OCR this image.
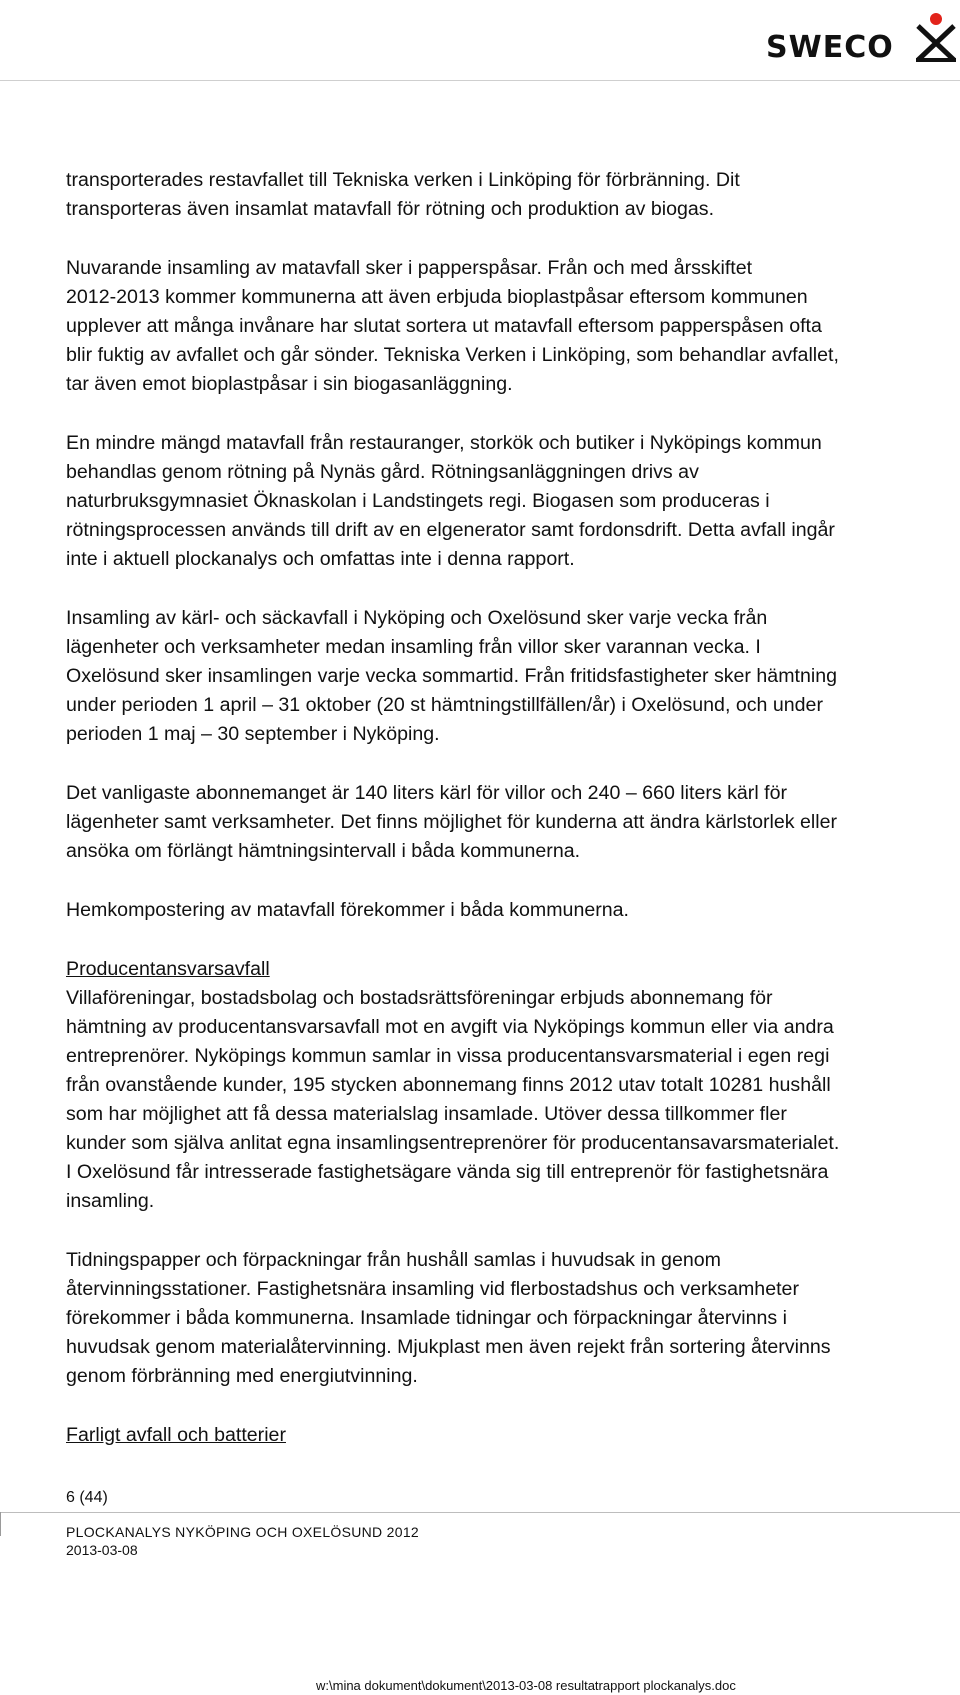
SWECO

transporterades restavfallet till Tekniska verken i Linköping för förbränning. Dit
transporteras även insamlat matavfall för rötning och produktion av biogas.

Nuvarande insamling av matavfall sker i papperspåsar. Från och med årsskiftet
2012-2013 kommer kommunerna att även erbjuda bioplastpåsar eftersom kommunen
upplever att många invånare har slutat sortera ut matavfall eftersom papperspåsen ofta
blir fuktig av avfallet och går sönder. Tekniska Verken i Linköping, som behandlar avfallet,
tar även emot bioplastpåsar i sin biogasanläggning.

En mindre mängd matavfall från restauranger, storkök och butiker i Nyköpings kommun
behandlas genom rötning på Nynäs gård. Rötningsanläggningen drivs av
naturbruksgymnasiet Öknaskolan i Landstingets regi. Biogasen som produceras i
rötningsprocessen används till drift av en elgenerator samt fordonsdrift. Detta avfall ingår
inte i aktuell plockanalys och omfattas inte i denna rapport.

Insamling av kärl- och säckavfall i Nyköping och Oxelösund sker varje vecka från
lägenheter och verksamheter medan insamling från villor sker varannan vecka. I
Oxelösund sker insamlingen varje vecka sommartid. Från fritidsfastigheter sker hämtning
under perioden 1 april – 31 oktober (20 st hämtningstillfällen/år) i Oxelösund, och under
perioden 1 maj – 30 september i Nyköping.

Det vanligaste abonnemanget är 140 liters kärl för villor och 240 – 660 liters kärl för
lägenheter samt verksamheter. Det finns möjlighet för kunderna att ändra kärlstorlek eller
ansöka om förlängt hämtningsintervall i båda kommunerna.

Hemkompostering av matavfall förekommer i båda kommunerna.

Producentansvarsavfall
Villaföreningar, bostadsbolag och bostadsrättsföreningar erbjuds abonnemang för
hämtning av producentansvarsavfall mot en avgift via Nyköpings kommun eller via andra
entreprenörer. Nyköpings kommun samlar in vissa producentansvarsmaterial i egen regi
från ovanstående kunder, 195 stycken abonnemang finns 2012 utav totalt 10281 hushåll
som har möjlighet att få dessa materialslag insamlade. Utöver dessa tillkommer fler
kunder som själva anlitat egna insamlingsentreprenörer för producentansavarsmaterialet.
I Oxelösund får intresserade fastighetsägare vända sig till entreprenör för fastighetsnära
insamling.

Tidningspapper och förpackningar från hushåll samlas i huvudsak in genom
återvinningsstationer. Fastighetsnära insamling vid flerbostadshus och verksamheter
förekommer i båda kommunerna. Insamlade tidningar och förpackningar återvinns i
huvudsak genom materialåtervinning. Mjukplast men även rejekt från sortering återvinns
genom förbränning med energiutvinning.

Farligt avfall och batterier

6 (44)
PLOCKANALYS NYKÖPING OCH OXELÖSUND 2012
2013-03-08
w:\mina dokument\dokument\2013-03-08 resultatrapport plockanalys.doc
